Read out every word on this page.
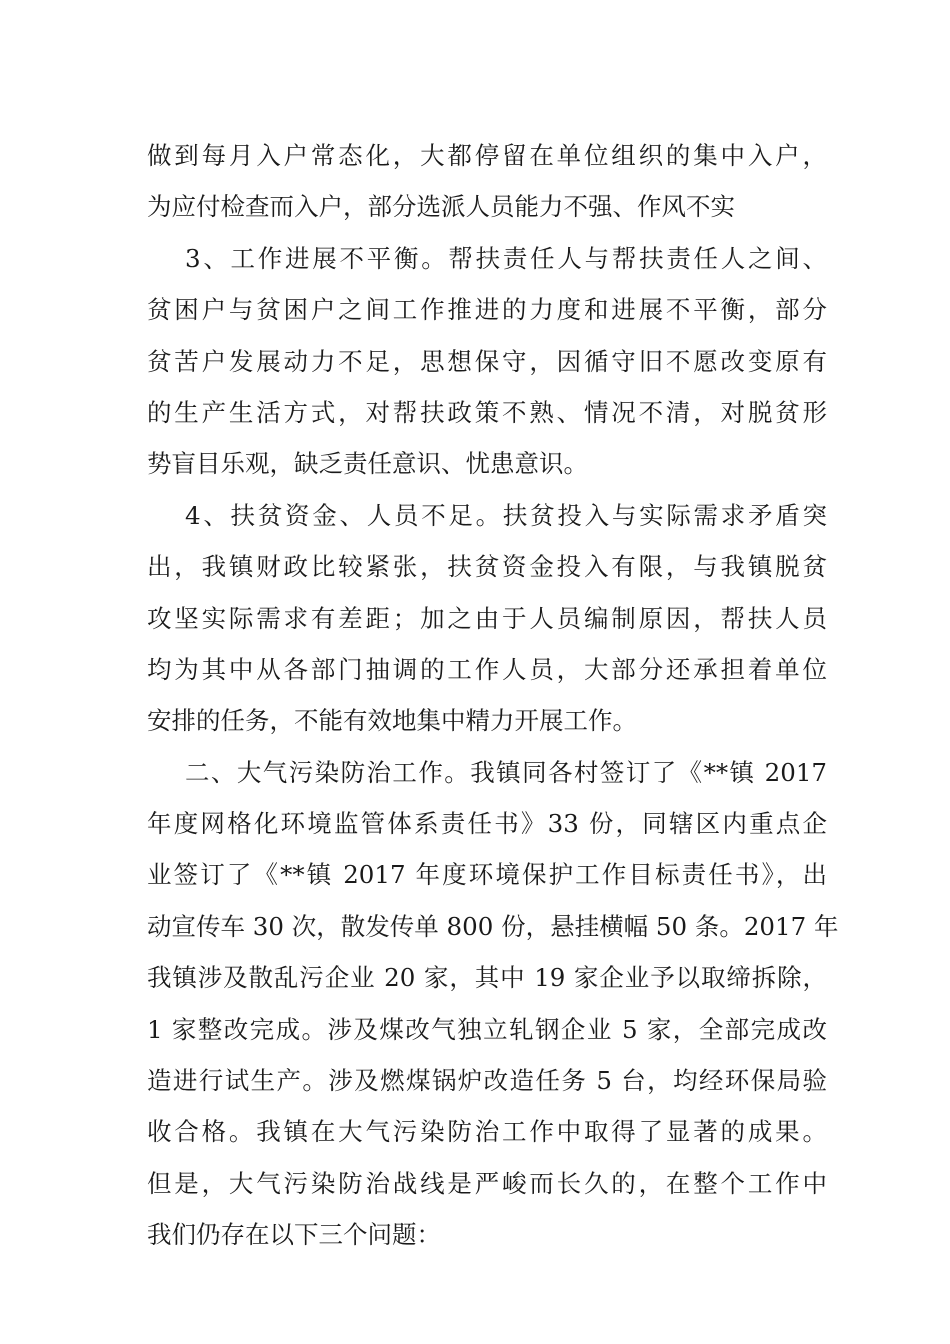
做到每月入户常态化，大都停留在单位组织的集中入户，
为应付检查而入户，部分选派人员能力不强、作风不实
3、工作进展不平衡。帮扶责任人与帮扶责任人之间、
贫困户与贫困户之间工作推进的力度和进展不平衡，部分
贫苦户发展动力不足，思想保守，因循守旧不愿改变原有
的生产生活方式，对帮扶政策不熟、情况不清，对脱贫形
势盲目乐观，缺乏责任意识、忧患意识。
4、扶贫资金、人员不足。扶贫投入与实际需求矛盾突
出，我镇财政比较紧张，扶贫资金投入有限，与我镇脱贫
攻坚实际需求有差距；加之由于人员编制原因，帮扶人员
均为其中从各部门抽调的工作人员，大部分还承担着单位
安排的任务，不能有效地集中精力开展工作。
二、大气污染防治工作。我镇同各村签订了《**镇 2017
年度网格化环境监管体系责任书》33 份，同辖区内重点企
业签订了《**镇 2017 年度环境保护工作目标责任书》，出
动宣传车 30 次，散发传单 800 份，悬挂横幅 50 条。2017 年
我镇涉及散乱污企业 20 家，其中 19 家企业予以取缔拆除，
1 家整改完成。涉及煤改气独立轧钢企业 5 家，全部完成改
造进行试生产。涉及燃煤锅炉改造任务 5 台，均经环保局验
收合格。我镇在大气污染防治工作中取得了显著的成果。
但是，大气污染防治战线是严峻而长久的，在整个工作中
我们仍存在以下三个问题：
